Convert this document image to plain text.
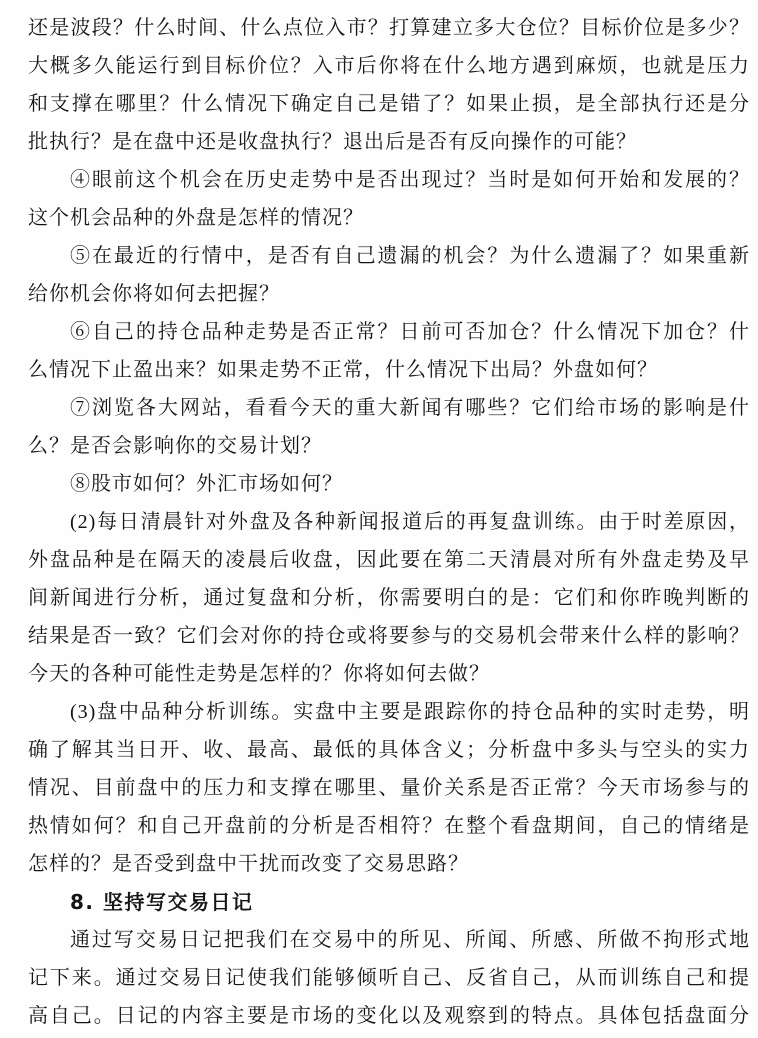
还是波段？什么时间、什么点位入市？打算建立多大仓位？目标价位是多少？
大概多久能运行到目标价位？入市后你将在什么地方遇到麻烦，也就是压力
和支撑在哪里？什么情况下确定自己是错了？如果止损，是全部执行还是分
批执行？是在盘中还是收盘执行？退出后是否有反向操作的可能？
④眼前这个机会在历史走势中是否出现过？当时是如何开始和发展的？
这个机会品种的外盘是怎样的情况？
⑤在最近的行情中，是否有自己遗漏的机会？为什么遗漏了？如果重新
给你机会你将如何去把握？
⑥自己的持仓品种走势是否正常？日前可否加仓？什么情况下加仓？什
么情况下止盈出来？如果走势不正常，什么情况下出局？外盘如何？
⑦浏览各大网站，看看今天的重大新闻有哪些？它们给市场的影响是什
么？是否会影响你的交易计划？
⑧股市如何？外汇市场如何？
(2)每日清晨针对外盘及各种新闻报道后的再复盘训练。由于时差原因，
外盘品种是在隔天的凌晨后收盘，因此要在第二天清晨对所有外盘走势及早
间新闻进行分析，通过复盘和分析，你需要明白的是：它们和你昨晚判断的
结果是否一致？它们会对你的持仓或将要参与的交易机会带来什么样的影响？
今天的各种可能性走势是怎样的？你将如何去做？
(3)盘中品种分析训练。实盘中主要是跟踪你的持仓品种的实时走势，明
确了解其当日开、收、最高、最低的具体含义；分析盘中多头与空头的实力
情况、目前盘中的压力和支撑在哪里、量价关系是否正常？今天市场参与的
热情如何？和自己开盘前的分析是否相符？在整个看盘期间，自己的情绪是
怎样的？是否受到盘中干扰而改变了交易思路？
8. 坚持写交易日记
通过写交易日记把我们在交易中的所见、所闻、所感、所做不拘形式地
记下来。通过交易日记使我们能够倾听自己、反省自己，从而训练自己和提
高自己。日记的内容主要是市场的变化以及观察到的特点。具体包括盘面分
